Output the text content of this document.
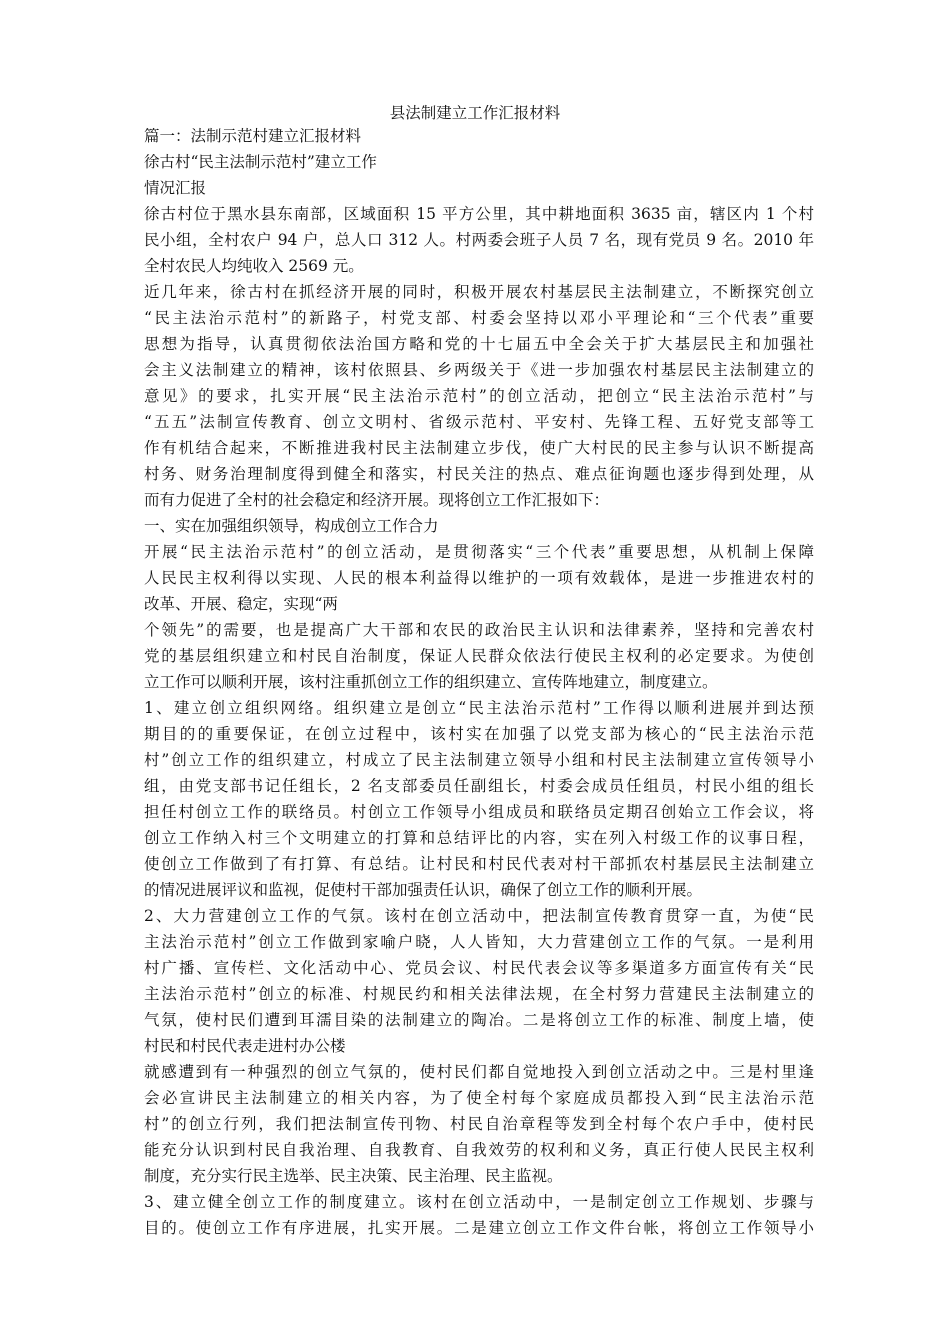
县法制建立工作汇报材料
篇一：法制示范村建立汇报材料
徐古村“民主法制示范村”建立工作
情况汇报
徐古村位于黑水县东南部，区域面积 15 平方公里，其中耕地面积 3635 亩，辖区内 1 个村
民小组，全村农户 94 户，总人口 312 人。村两委会班子人员 7 名，现有党员 9 名。2010 年
全村农民人均纯收入 2569 元。
近几年来，徐古村在抓经济开展的同时，积极开展农村基层民主法制建立，不断探究创立
“民主法治示范村”的新路子，村党支部、村委会坚持以邓小平理论和“三个代表”重要
思想为指导，认真贯彻依法治国方略和党的十七届五中全会关于扩大基层民主和加强社
会主义法制建立的精神，该村依照县、乡两级关于《进一步加强农村基层民主法制建立的
意见》的要求，扎实开展“民主法治示范村”的创立活动，把创立“民主法治示范村”与
“五五”法制宣传教育、创立文明村、省级示范村、平安村、先锋工程、五好党支部等工
作有机结合起来，不断推进我村民主法制建立步伐，使广大村民的民主参与认识不断提高
村务、财务治理制度得到健全和落实，村民关注的热点、难点征询题也逐步得到处理，从
而有力促进了全村的社会稳定和经济开展。现将创立工作汇报如下：
一、实在加强组织领导，构成创立工作合力
开展“民主法治示范村”的创立活动，是贯彻落实“三个代表”重要思想，从机制上保障
人民民主权利得以实现、人民的根本利益得以维护的一项有效载体，是进一步推进农村的
改革、开展、稳定，实现“两
个领先”的需要，也是提高广大干部和农民的政治民主认识和法律素养，坚持和完善农村
党的基层组织建立和村民自治制度，保证人民群众依法行使民主权利的必定要求。为使创
立工作可以顺利开展，该村注重抓创立工作的组织建立、宣传阵地建立，制度建立。
1、建立创立组织网络。组织建立是创立“民主法治示范村”工作得以顺利进展并到达预
期目的的重要保证，在创立过程中，该村实在加强了以党支部为核心的“民主法治示范
村”创立工作的组织建立，村成立了民主法制建立领导小组和村民主法制建立宣传领导小
组，由党支部书记任组长，2 名支部委员任副组长，村委会成员任组员，村民小组的组长
担任村创立工作的联络员。村创立工作领导小组成员和联络员定期召创始立工作会议，将
创立工作纳入村三个文明建立的打算和总结评比的内容，实在列入村级工作的议事日程，
使创立工作做到了有打算、有总结。让村民和村民代表对村干部抓农村基层民主法制建立
的情况进展评议和监视，促使村干部加强责任认识，确保了创立工作的顺利开展。
2、大力营建创立工作的气氛。该村在创立活动中，把法制宣传教育贯穿一直，为使“民
主法治示范村”创立工作做到家喻户晓，人人皆知，大力营建创立工作的气氛。一是利用
村广播、宣传栏、文化活动中心、党员会议、村民代表会议等多渠道多方面宣传有关“民
主法治示范村”创立的标准、村规民约和相关法律法规，在全村努力营建民主法制建立的
气氛，使村民们遭到耳濡目染的法制建立的陶冶。二是将创立工作的标准、制度上墙，使
村民和村民代表走进村办公楼
就感遭到有一种强烈的创立气氛的，使村民们都自觉地投入到创立活动之中。三是村里逢
会必宣讲民主法制建立的相关内容，为了使全村每个家庭成员都投入到“民主法治示范
村”的创立行列，我们把法制宣传刊物、村民自治章程等发到全村每个农户手中，使村民
能充分认识到村民自我治理、自我教育、自我效劳的权利和义务，真正行使人民民主权利
制度，充分实行民主选举、民主决策、民主治理、民主监视。
3、建立健全创立工作的制度建立。该村在创立活动中，一是制定创立工作规划、步骤与
目的。使创立工作有序进展，扎实开展。二是建立创立工作文件台帐，将创立工作领导小
